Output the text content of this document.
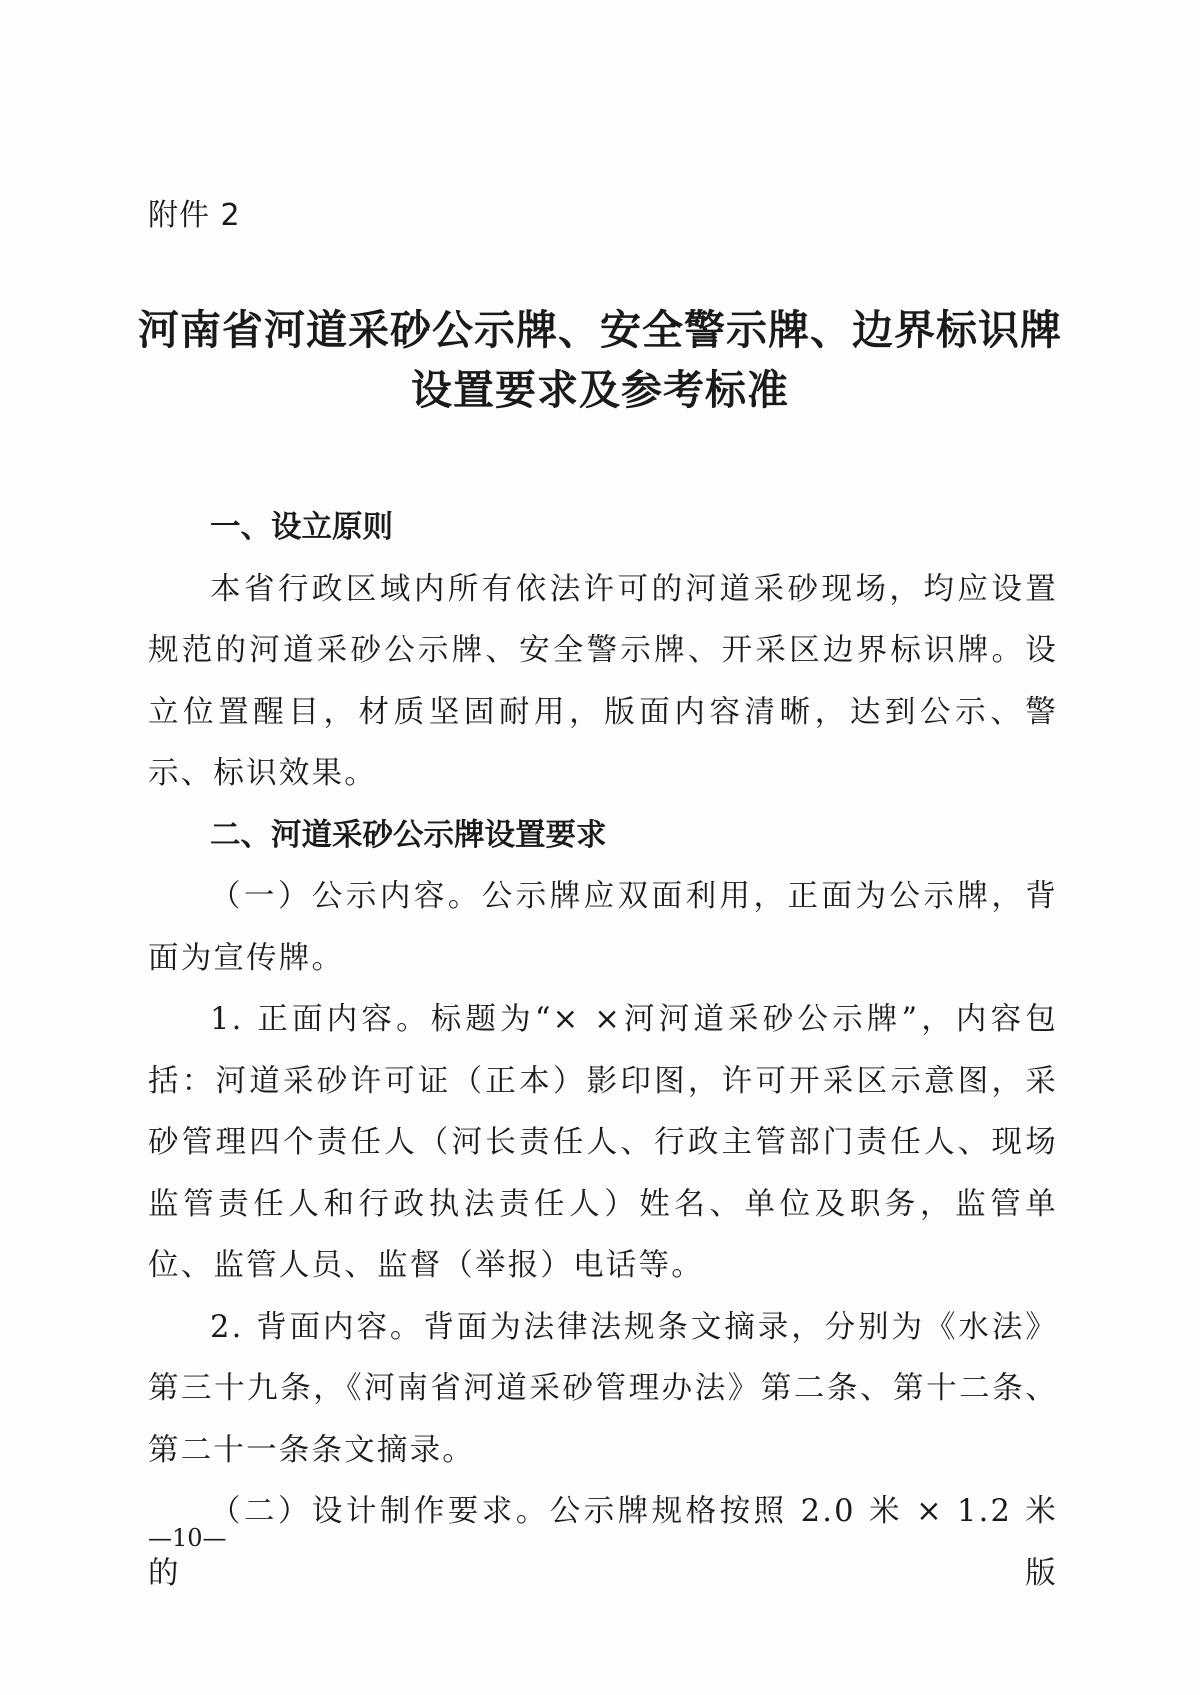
附件 2
河南省河道采砂公示牌、安全警示牌、边界标识牌
设置要求及参考标准

一、设立原则

本省行政区域内所有依法许可的河道采砂现场，均应设置规范的河道采砂公示牌、安全警示牌、开采区边界标识牌。设立位置醒目，材质坚固耐用，版面内容清晰，达到公示、警示、标识效果。

二、河道采砂公示牌设置要求

（一）公示内容。公示牌应双面利用，正面为公示牌，背面为宣传牌。

1. 正面内容。标题为“× ×河河道采砂公示牌”，内容包括：河道采砂许可证（正本）影印图，许可开采区示意图，采砂管理四个责任人（河长责任人、行政主管部门责任人、现场监管责任人和行政执法责任人）姓名、单位及职务，监管单位、监管人员、监督（举报）电话等。

2. 背面内容。背面为法律法规条文摘录，分别为《水法》第三十九条，《河南省河道采砂管理办法》第二条、第十二条、第二十一条条文摘录。

（二）设计制作要求。公示牌规格按照 2.0 米 × 1.2 米的版

—10—
